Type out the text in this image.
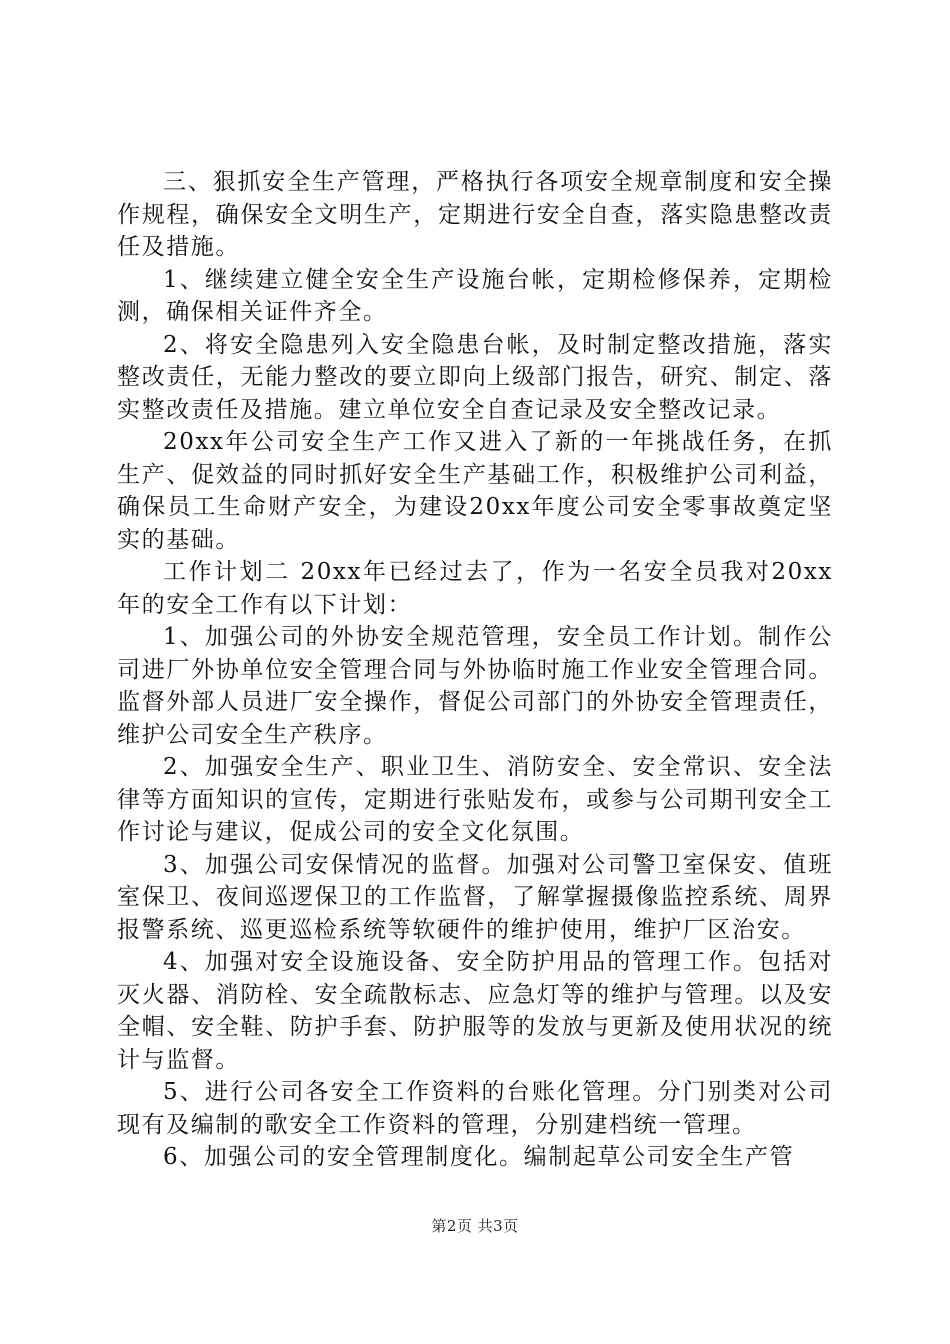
三、狠抓安全生产管理，严格执行各项安全规章制度和安全操作规程，确保安全文明生产，定期进行安全自查，落实隐患整改责任及措施。

1、继续建立健全安全生产设施台帐，定期检修保养，定期检测，确保相关证件齐全。

2、将安全隐患列入安全隐患台帐，及时制定整改措施，落实整改责任，无能力整改的要立即向上级部门报告，研究、制定、落实整改责任及措施。建立单位安全自查记录及安全整改记录。

20xx年公司安全生产工作又进入了新的一年挑战任务，在抓生产、促效益的同时抓好安全生产基础工作，积极维护公司利益，确保员工生命财产安全，为建设20xx年度公司安全零事故奠定坚实的基础。

工作计划二 20xx年已经过去了，作为一名安全员我对20xx年的安全工作有以下计划：

1、加强公司的外协安全规范管理，安全员工作计划。制作公司进厂外协单位安全管理合同与外协临时施工作业安全管理合同。监督外部人员进厂安全操作，督促公司部门的外协安全管理责任，维护公司安全生产秩序。

2、加强安全生产、职业卫生、消防安全、安全常识、安全法律等方面知识的宣传，定期进行张贴发布，或参与公司期刊安全工作讨论与建议，促成公司的安全文化氛围。

3、加强公司安保情况的监督。加强对公司警卫室保安、值班室保卫、夜间巡逻保卫的工作监督，了解掌握摄像监控系统、周界报警系统、巡更巡检系统等软硬件的维护使用，维护厂区治安。

4、加强对安全设施设备、安全防护用品的管理工作。包括对灭火器、消防栓、安全疏散标志、应急灯等的维护与管理。以及安全帽、安全鞋、防护手套、防护服等的发放与更新及使用状况的统计与监督。

5、进行公司各安全工作资料的台账化管理。分门别类对公司现有及编制的歌安全工作资料的管理，分别建档统一管理。

6、加强公司的安全管理制度化。编制起草公司安全生产管

第2页 共3页
